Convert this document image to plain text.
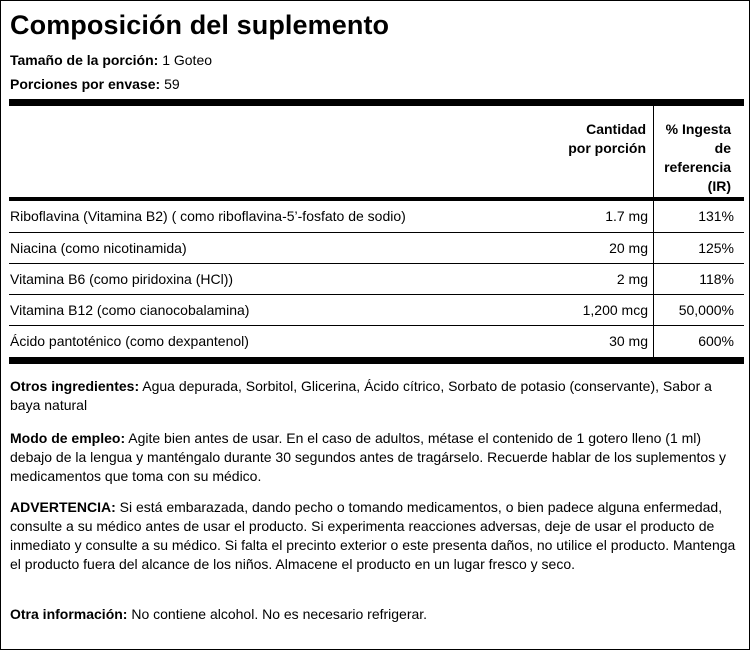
Composición del suplemento
Tamaño de la porción: 1 Goteo
Porciones por envase: 59
Cantidad
por porción
% Ingesta
de
referencia
(IR)
Riboflavina (Vitamina B2) ( como riboflavina-5’-fosfato de sodio)	1.7 mg	131%
Niacina (como nicotinamida)	20 mg	125%
Vitamina B6 (como piridoxina (HCl))	2 mg	118%
Vitamina B12 (como cianocobalamina)	1,200 mcg 50,000%
Ácido pantoténico (como dexpantenol)	30 mg	600%
Otros ingredientes: Agua depurada, Sorbitol, Glicerina, Ácido cítrico, Sorbato de potasio (conservante), Sabor a baya natural
Modo de empleo: Agite bien antes de usar. En el caso de adultos, métase el contenido de 1 gotero lleno (1 ml) debajo de la lengua y manténgalo durante 30 segundos antes de tragárselo. Recuerde hablar de los suplementos y medicamentos que toma con su médico.
ADVERTENCIA: Si está embarazada, dando pecho o tomando medicamentos, o bien padece alguna enfermedad, consulte a su médico antes de usar el producto. Si experimenta reacciones adversas, deje de usar el producto de inmediato y consulte a su médico. Si falta el precinto exterior o este presenta daños, no utilice el producto. Mantenga el producto fuera del alcance de los niños. Almacene el producto en un lugar fresco y seco.
Otra información: No contiene alcohol. No es necesario refrigerar.
